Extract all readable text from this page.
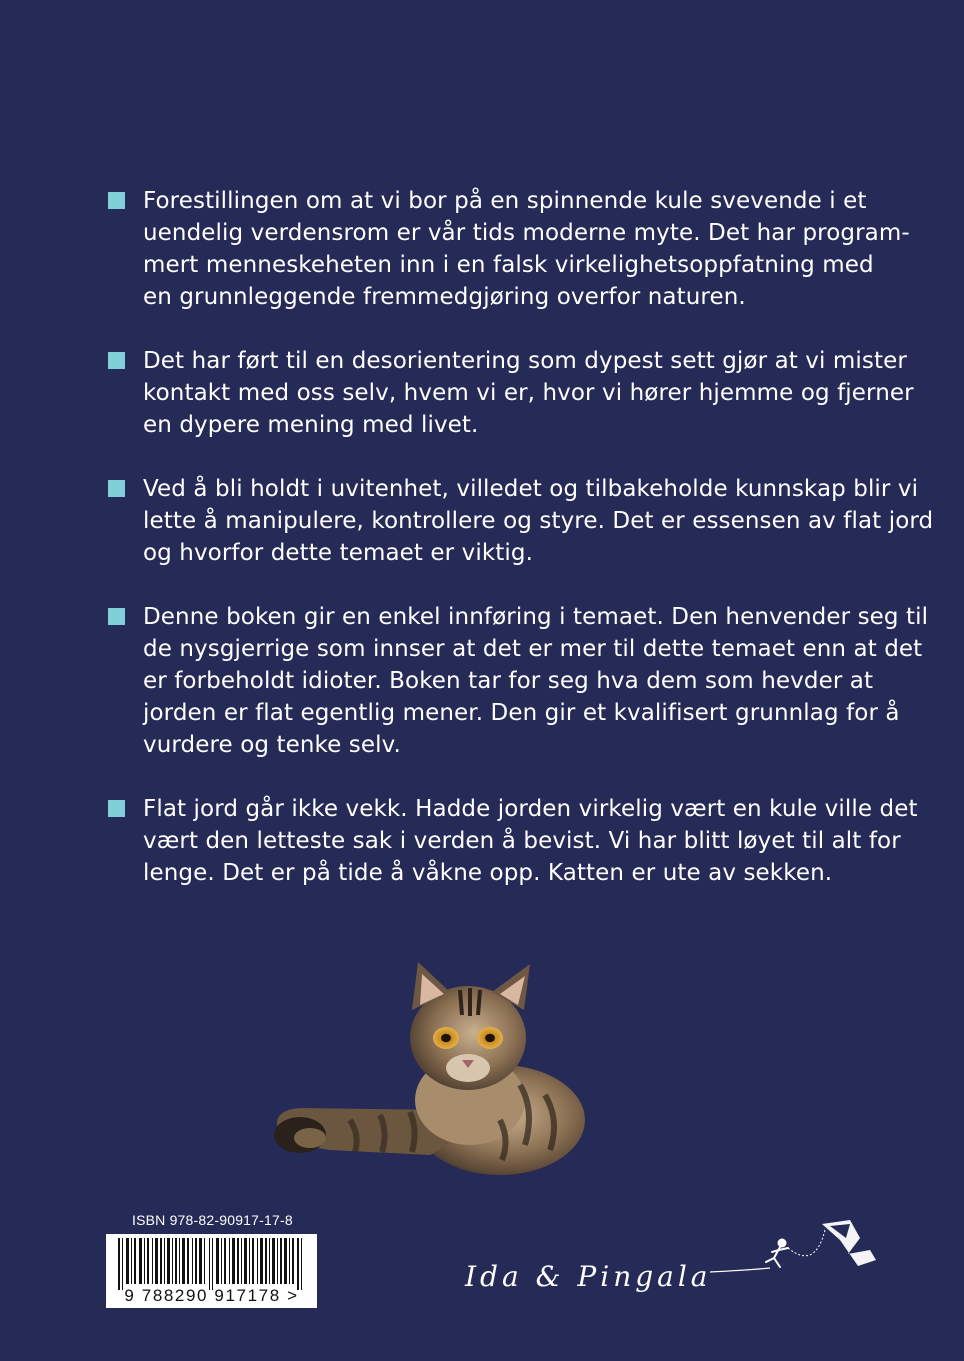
Forestillingen om at vi bor på en spinnende kule svevende i et
uendelig verdensrom er vår tids moderne myte. Det har program-
mert menneskeheten inn i en falsk virkelighetsoppfatning med
en grunnleggende fremmedgjøring overfor naturen.
Det har ført til en desorientering som dypest sett gjør at vi mister
kontakt med oss selv, hvem vi er, hvor vi hører hjemme og fjerner
en dypere mening med livet.
Ved å bli holdt i uvitenhet, villedet og tilbakeholde kunnskap blir vi
lette å manipulere, kontrollere og styre. Det er essensen av flat jord
og hvorfor dette temaet er viktig.
Denne boken gir en enkel innføring i temaet. Den henvender seg til
de nysgjerrige som innser at det er mer til dette temaet enn at det
er forbeholdt idioter. Boken tar for seg hva dem som hevder at
jorden er flat egentlig mener. Den gir et kvalifisert grunnlag for å
vurdere og tenke selv.
Flat jord går ikke vekk. Hadde jorden virkelig vært en kule ville det
vært den letteste sak i verden å bevist. Vi har blitt løyet til alt for
lenge. Det er på tide å våkne opp. Katten er ute av sekken.
ISBN 978-82-90917-17-8
9 788290 917178 >
Ida & Pingala
